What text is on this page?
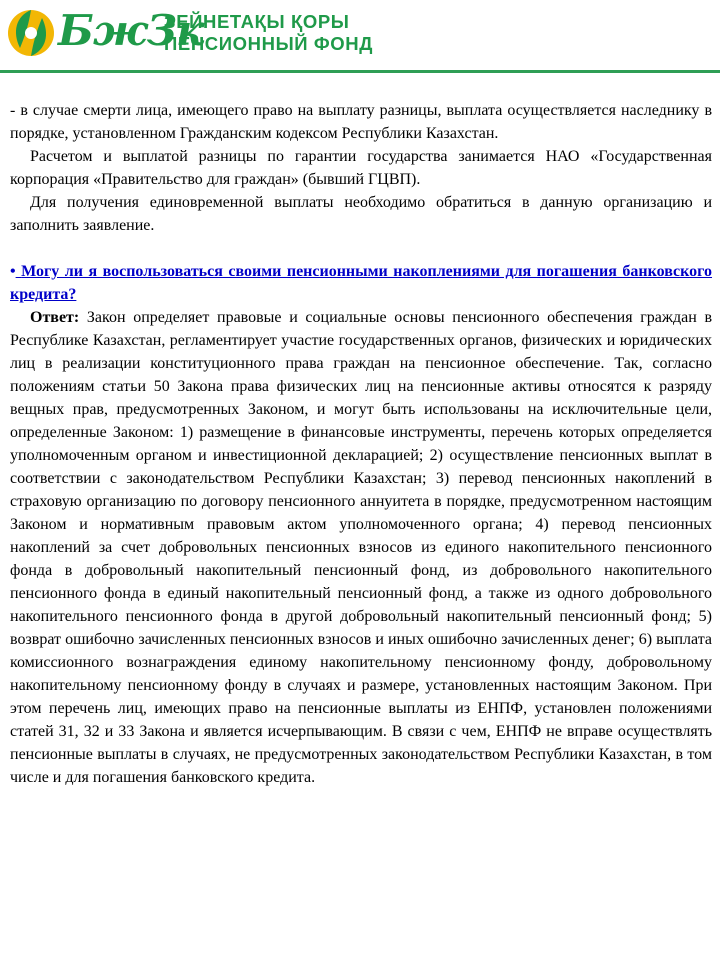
БжЗк
ЗЕЙНЕТАҚЫ ҚОРЫ
ПЕНСИОННЫЙ ФОНД

- в случае смерти лица, имеющего право на выплату разницы, выплата осуществляется наследнику в порядке, установленном Гражданским кодексом Республики Казахстан.

Расчетом и выплатой разницы по гарантии государства занимается НАО «Государственная корпорация «Правительство для граждан» (бывший ГЦВП).

Для получения единовременной выплаты необходимо обратиться в данную организацию и заполнить заявление.

• Могу ли я воспользоваться своими пенсионными накоплениями для погашения банковского кредита?

Ответ: Закон определяет правовые и социальные основы пенсионного обеспечения граждан в Республике Казахстан, регламентирует участие государственных органов, физических и юридических лиц в реализации конституционного права граждан на пенсионное обеспечение. Так, согласно положениям статьи 50 Закона права физических лиц на пенсионные активы относятся к разряду вещных прав, предусмотренных Законом, и могут быть использованы на исключительные цели, определенные Законом: 1) размещение в финансовые инструменты, перечень которых определяется уполномоченным органом и инвестиционной декларацией; 2) осуществление пенсионных выплат в соответствии с законодательством Республики Казахстан; 3) перевод пенсионных накоплений в страховую организацию по договору пенсионного аннуитета в порядке, предусмотренном настоящим Законом и нормативным правовым актом уполномоченного органа; 4) перевод пенсионных накоплений за счет добровольных пенсионных взносов из единого накопительного пенсионного фонда в добровольный накопительный пенсионный фонд, из добровольного накопительного пенсионного фонда в единый накопительный пенсионный фонд, а также из одного добровольного накопительного пенсионного фонда в другой добровольный накопительный пенсионный фонд; 5) возврат ошибочно зачисленных пенсионных взносов и иных ошибочно зачисленных денег; 6) выплата комиссионного вознаграждения единому накопительному пенсионному фонду, добровольному накопительному пенсионному фонду в случаях и размере, установленных настоящим Законом. При этом перечень лиц, имеющих право на пенсионные выплаты из ЕНПФ, установлен положениями статей 31, 32 и 33 Закона и является исчерпывающим. В связи с чем, ЕНПФ не вправе осуществлять пенсионные выплаты в случаях, не предусмотренных законодательством Республики Казахстан, в том числе и для погашения банковского кредита.
